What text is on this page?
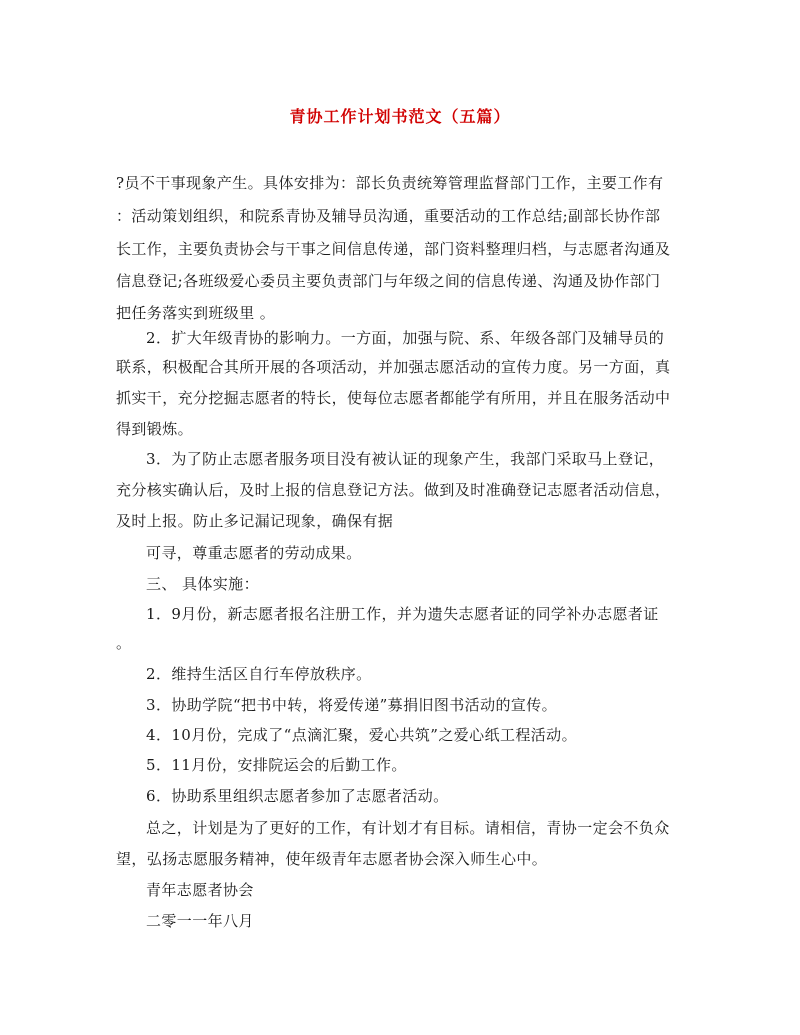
青协工作计划书范文（五篇）
?员不干事现象产生。具体安排为：部长负责统筹管理监督部门工作，主要工作有
：活动策划组织，和院系青协及辅导员沟通，重要活动的工作总结;副部长协作部
长工作，主要负责协会与干事之间信息传递，部门资料整理归档，与志愿者沟通及
信息登记;各班级爱心委员主要负责部门与年级之间的信息传递、沟通及协作部门
把任务落实到班级里 。
2．扩大年级青协的影响力。一方面，加强与院、系、年级各部门及辅导员的
联系，积极配合其所开展的各项活动，并加强志愿活动的宣传力度。另一方面，真
抓实干，充分挖掘志愿者的特长，使每位志愿者都能学有所用，并且在服务活动中
得到锻炼。
3．为了防止志愿者服务项目没有被认证的现象产生，我部门采取马上登记，
充分核实确认后，及时上报的信息登记方法。做到及时准确登记志愿者活动信息，
及时上报。防止多记漏记现象，确保有据
可寻，尊重志愿者的劳动成果。
三、 具体实施：
1．9月份，新志愿者报名注册工作，并为遗失志愿者证的同学补办志愿者证
。
2．维持生活区自行车停放秩序。
3．协助学院“把书中转，将爱传递”募捐旧图书活动的宣传。
4．10月份，完成了“点滴汇聚，爱心共筑”之爱心纸工程活动。
5．11月份，安排院运会的后勤工作。
6．协助系里组织志愿者参加了志愿者活动。
总之，计划是为了更好的工作，有计划才有目标。请相信，青协一定会不负众
望，弘扬志愿服务精神，使年级青年志愿者协会深入师生心中。
青年志愿者协会
二零一一年八月
